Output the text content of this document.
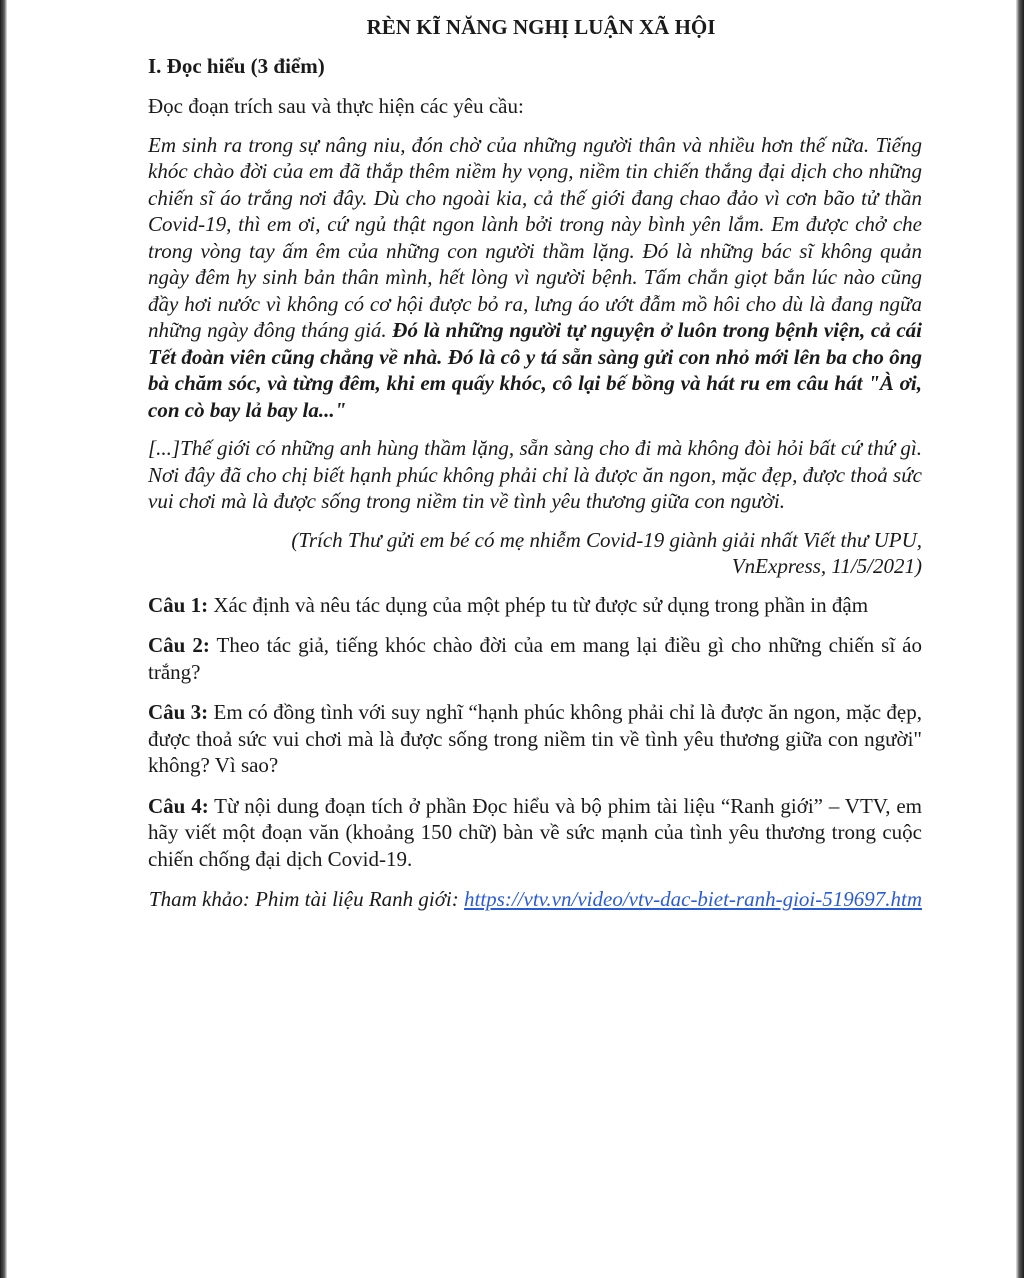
RÈN KĨ NĂNG NGHỊ LUẬN XÃ HỘI
I. Đọc hiểu (3 điểm)
Đọc đoạn trích sau và thực hiện các yêu cầu:
Em sinh ra trong sự nâng niu, đón chờ của những người thân và nhiều hơn thế nữa. Tiếng khóc chào đời của em đã thắp thêm niềm hy vọng, niềm tin chiến thắng đại dịch cho những chiến sĩ áo trắng nơi đây. Dù cho ngoài kia, cả thế giới đang chao đảo vì cơn bão tử thần Covid-19, thì em ơi, cứ ngủ thật ngon lành bởi trong này bình yên lắm. Em được chở che trong vòng tay ấm êm của những con người thầm lặng. Đó là những bác sĩ không quản ngày đêm hy sinh bản thân mình, hết lòng vì người bệnh. Tấm chắn giọt bắn lúc nào cũng đầy hơi nước vì không có cơ hội được bỏ ra, lưng áo ướt đẫm mồ hôi cho dù là đang ngữa những ngày đông tháng giá. Đó là những người tự nguyện ở luôn trong bệnh viện, cả cái Tết đoàn viên cũng chẳng về nhà. Đó là cô y tá sẵn sàng gửi con nhỏ mới lên ba cho ông bà chăm sóc, và từng đêm, khi em quấy khóc, cô lại bế bồng và hát ru em câu hát "À ơi, con cò bay lả bay la..."
[...]Thế giới có những anh hùng thầm lặng, sẵn sàng cho đi mà không đòi hỏi bất cứ thứ gì. Nơi đây đã cho chị biết hạnh phúc không phải chỉ là được ăn ngon, mặc đẹp, được thoả sức vui chơi mà là được sống trong niềm tin về tình yêu thương giữa con người.
(Trích Thư gửi em bé có mẹ nhiễm Covid-19 giành giải nhất Viết thư UPU,
VnExpress, 11/5/2021)
Câu 1: Xác định và nêu tác dụng của một phép tu từ được sử dụng trong phần in đậm
Câu 2: Theo tác giả, tiếng khóc chào đời của em mang lại điều gì cho những chiến sĩ áo trắng?
Câu 3: Em có đồng tình với suy nghĩ “hạnh phúc không phải chỉ là được ăn ngon, mặc đẹp, được thoả sức vui chơi mà là được sống trong niềm tin về tình yêu thương giữa con người" không? Vì sao?
Câu 4: Từ nội dung đoạn tích ở phần Đọc hiểu và bộ phim tài liệu “Ranh giới” – VTV, em hãy viết một đoạn văn (khoảng 150 chữ) bàn về sức mạnh của tình yêu thương trong cuộc chiến chống đại dịch Covid-19.
Tham khảo: Phim tài liệu Ranh giới: https://vtv.vn/video/vtv-dac-biet-ranh-gioi-519697.htm
